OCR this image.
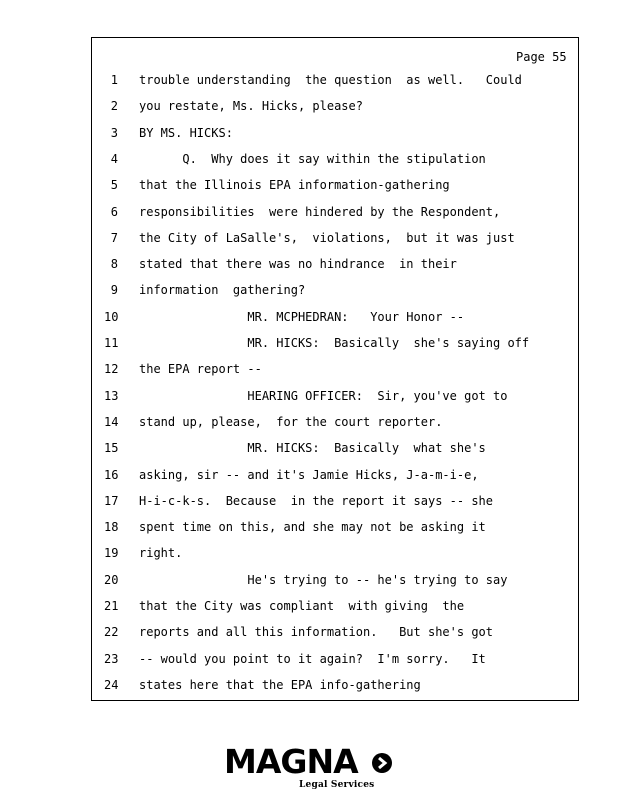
Page 55
1 trouble understanding  the question  as well.   Could
2 you restate, Ms. Hicks, please?
3 BY MS. HICKS:
4 Q.  Why does it say within the stipulation
5 that the Illinois EPA information-gathering
6 responsibilities  were hindered by the Respondent,
7 the City of LaSalle's,  violations,  but it was just
8 stated that there was no hindrance  in their
9 information  gathering?
10 MR. MCPHEDRAN:   Your Honor --
11 MR. HICKS:  Basically  she's saying off
12 the EPA report --
13 HEARING OFFICER:  Sir, you've got to
14 stand up, please,  for the court reporter.
15 MR. HICKS:  Basically  what she's
16 asking, sir -- and it's Jamie Hicks, J-a-m-i-e,
17 H-i-c-k-s.  Because  in the report it says -- she
18 spent time on this, and she may not be asking it
19 right.
20 He's trying to -- he's trying to say
21 that the City was compliant  with giving  the
22 reports and all this information.   But she's got
23 -- would you point to it again?  I'm sorry.   It
24 states here that the EPA info-gathering
MAGNA
Legal Services
